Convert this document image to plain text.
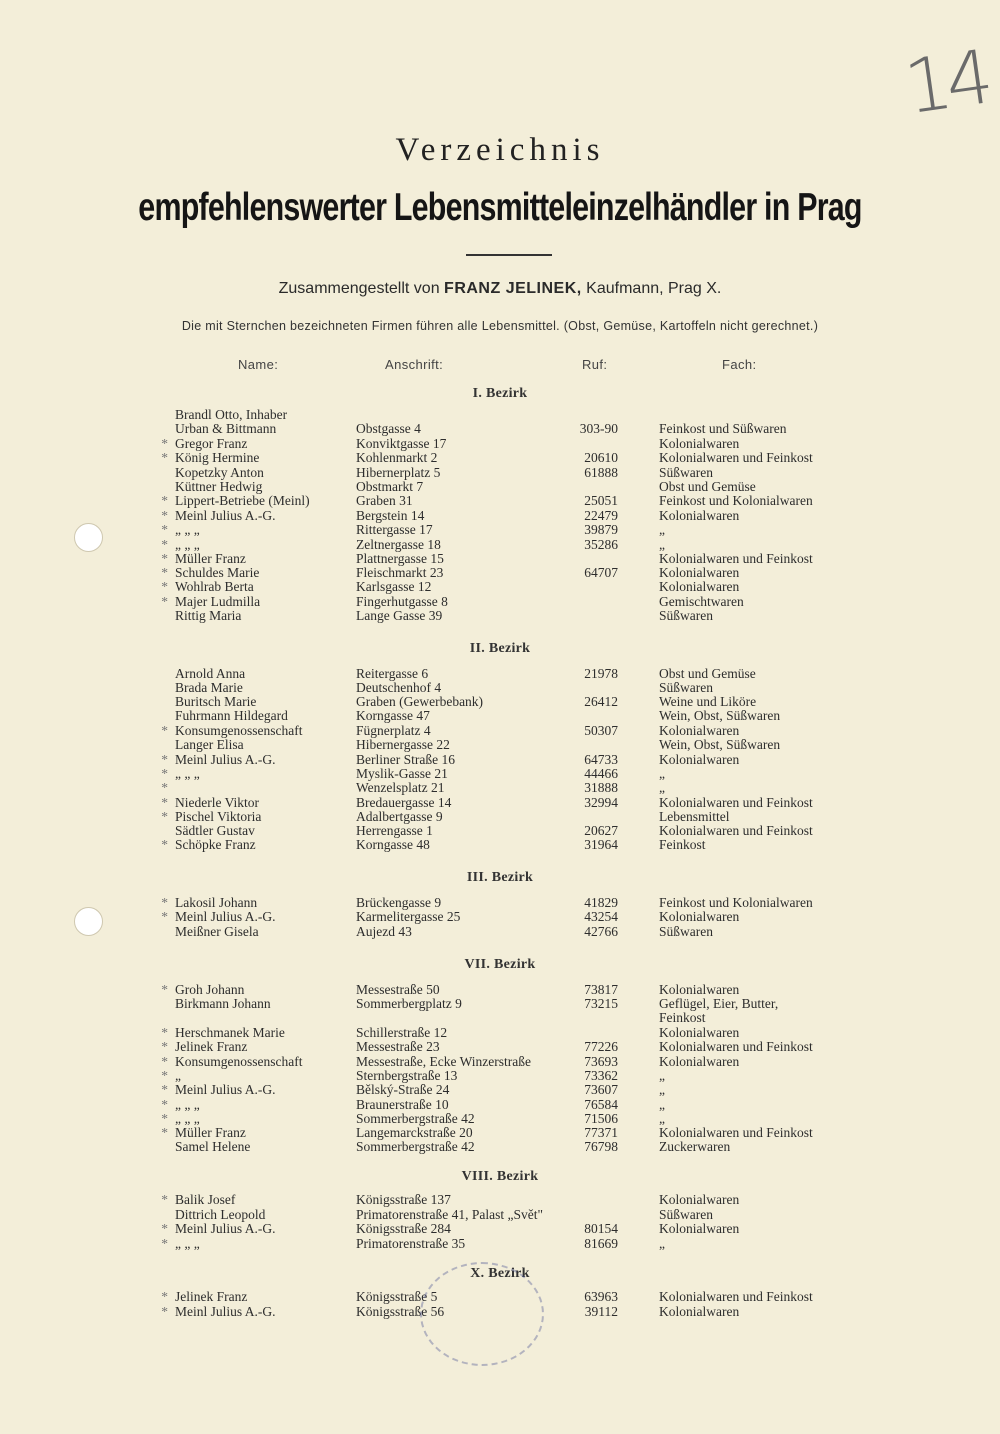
14
Verzeichnis
empfehlenswerter Lebensmitteleinzelhändler in Prag
Zusammengestellt von FRANZ JELINEK, Kaufmann, Prag X.
Die mit Sternchen bezeichneten Firmen führen alle Lebensmittel. (Obst, Gemüse, Kartoffeln nicht gerechnet.)
Name:	Anschrift:	Ruf:	Fach:
I. Bezirk
II. Bezirk
III. Bezirk
VII. Bezirk
VIII. Bezirk
X. Bezirk
Brandl Otto, Inhaber
Urban & Bittmann	Obstgasse 4	303-90	Feinkost und Süßwaren
* Gregor Franz	Konviktgasse 17	Kolonialwaren
* König Hermine	Kohlenmarkt 2	20610	Kolonialwaren und Feinkost
Kopetzky Anton	Hibernerplatz 5	61888	Süßwaren
Küttner Hedwig	Obstmarkt 7	Obst und Gemüse
* Lippert-Betriebe (Meinl)	Graben 31	25051	Feinkost und Kolonialwaren
* Meinl Julius A.-G.	Bergstein 14	22479	Kolonialwaren
* „ „ „	Rittergasse 17	39879	„
* „ „ „	Zeltnergasse 18	35286	„
* Müller Franz	Plattnergasse 15	Kolonialwaren und Feinkost
* Schuldes Marie	Fleischmarkt 23	64707	Kolonialwaren
* Wohlrab Berta	Karlsgasse 12	Kolonialwaren
* Majer Ludmilla	Fingerhutgasse 8	Gemischtwaren
Rittig Maria	Lange Gasse 39	Süßwaren
Arnold Anna	Reitergasse 6	21978	Obst und Gemüse
Brada Marie	Deutschenhof 4	Süßwaren
Buritsch Marie	Graben (Gewerbebank)	26412	Weine und Liköre
Fuhrmann Hildegard	Korngasse 47	Wein, Obst, Süßwaren
* Konsumgenossenschaft	Fügnerplatz 4	50307	Kolonialwaren
Langer Elisa	Hibernergasse 22	Wein, Obst, Süßwaren
* Meinl Julius A.-G.	Berliner Straße 16	64733	Kolonialwaren
* „ „ „	Myslik-Gasse 21	44466	„
*	Wenzelsplatz 21	31888	„
* Niederle Viktor	Bredauergasse 14	32994	Kolonialwaren und Feinkost
* Pischel Viktoria	Adalbertgasse 9	Lebensmittel
Sädtler Gustav	Herrengasse 1	20627	Kolonialwaren und Feinkost
* Schöpke Franz	Korngasse 48	31964	Feinkost
* Lakosil Johann	Brückengasse 9	41829	Feinkost und Kolonialwaren
* Meinl Julius A.-G.	Karmelitergasse 25	43254	Kolonialwaren
Meißner Gisela	Aujezd 43	42766	Süßwaren
* Groh Johann	Messestraße 50	73817	Kolonialwaren
Birkmann Johann	Sommerbergplatz 9	73215	Geflügel, Eier, Butter,
Feinkost
* Herschmanek Marie	Schillerstraße 12	Kolonialwaren
* Jelinek Franz	Messestraße 23	77226	Kolonialwaren und Feinkost
* Konsumgenossenschaft	Messestraße, Ecke Winzerstraße	73693	Kolonialwaren
* „	Sternbergstraße 13	73362	„
* Meinl Julius A.-G.	Bělský-Straße 24	73607	„
* „ „ „	Braunerstraße 10	76584	„
* „ „ „	Sommerbergstraße 42	71506	„
* Müller Franz	Langemarckstraße 20	77371	Kolonialwaren und Feinkost
Samel Helene	Sommerbergstraße 42	76798	Zuckerwaren
* Balik Josef	Königsstraße 137	Kolonialwaren
Dittrich Leopold	Primatorenstraße 41, Palast „Svět"	Süßwaren
* Meinl Julius A.-G.	Königsstraße 284	80154	Kolonialwaren
* „ „ „	Primatorenstraße 35	81669	„
* Jelinek Franz	Königsstraße 5	63963	Kolonialwaren und Feinkost
* Meinl Julius A.-G.	Königsstraße 56	39112	Kolonialwaren
